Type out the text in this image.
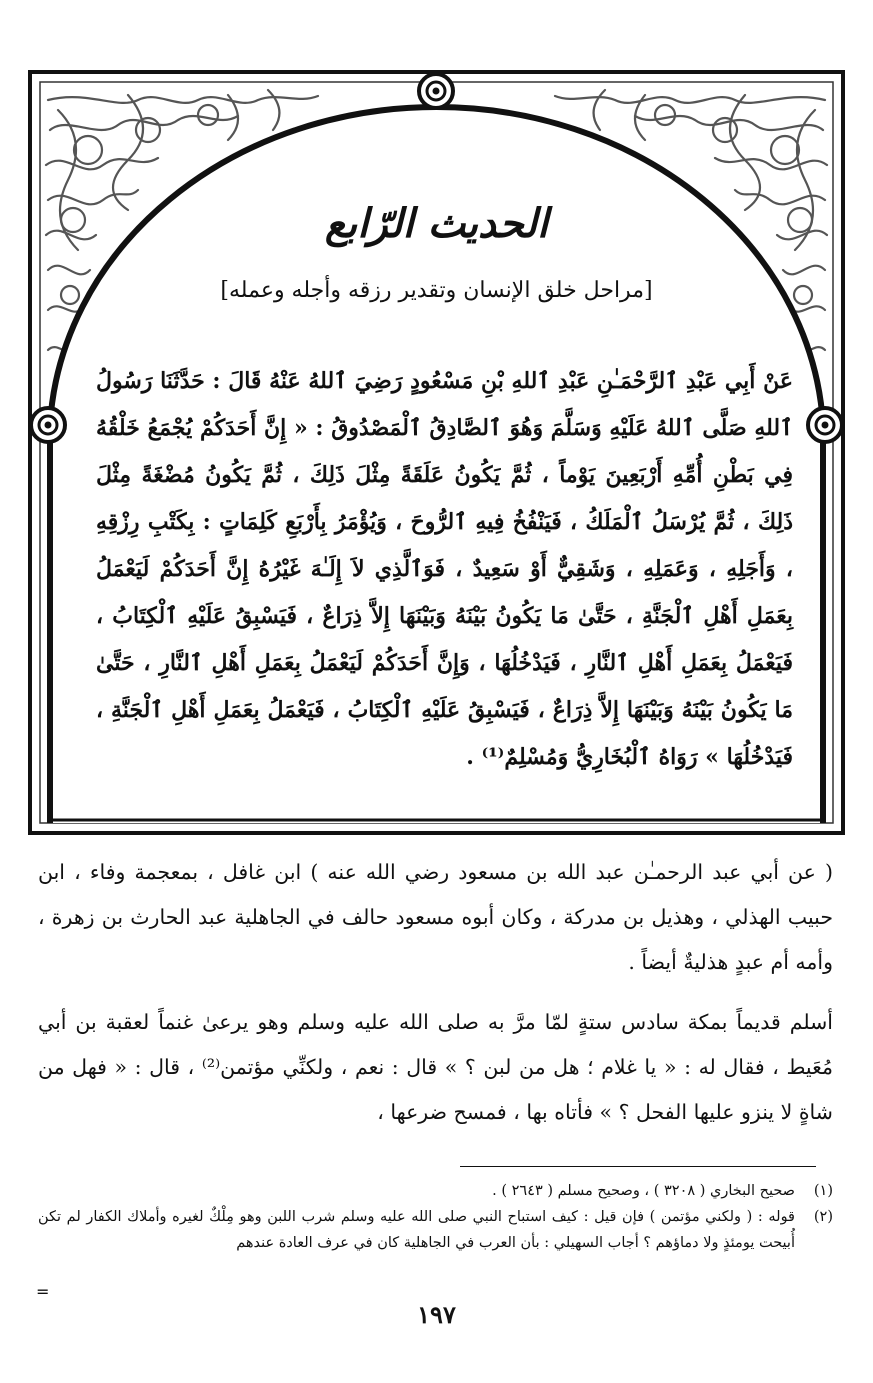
الحديث الرّابع

[مراحل خلق الإنسان وتقدير رزقه وأجله وعمله]

عَنْ أَبِي عَبْدِ ٱلرَّحْمَـٰنِ عَبْدِ ٱللهِ بْنِ مَسْعُودٍ رَضِيَ ٱللهُ عَنْهُ قَالَ : حَدَّثَنَا رَسُولُ ٱللهِ صَلَّى ٱللهُ عَلَيْهِ وَسَلَّمَ وَهُوَ ٱلصَّادِقُ ٱلْمَصْدُوقُ : « إِنَّ أَحَدَكُمْ يُجْمَعُ خَلْقُهُ فِي بَطْنِ أُمِّهِ أَرْبَعِينَ يَوْماً ، ثُمَّ يَكُونُ عَلَقَةً مِثْلَ ذَلِكَ ، ثُمَّ يَكُونُ مُضْغَةً مِثْلَ ذَلِكَ ، ثُمَّ يُرْسَلُ ٱلْمَلَكُ ، فَيَنْفُخُ فِيهِ ٱلرُّوحَ ، وَيُؤْمَرُ بِأَرْبَعِ كَلِمَاتٍ : بِكَتْبِ رِزْقِهِ ، وَأَجَلِهِ ، وَعَمَلِهِ ، وَشَقِيٌّ أَوْ سَعِيدٌ ، فَوَٱلَّذِي لاَ إِلَـٰهَ غَيْرُهُ إِنَّ أَحَدَكُمْ لَيَعْمَلُ بِعَمَلِ أَهْلِ ٱلْجَنَّةِ ، حَتَّىٰ مَا يَكُونُ بَيْنَهُ وَبَيْنَهَا إِلاَّ ذِرَاعٌ ، فَيَسْبِقُ عَلَيْهِ ٱلْكِتَابُ ، فَيَعْمَلُ بِعَمَلِ أَهْلِ ٱلنَّارِ ، فَيَدْخُلُهَا ، وَإِنَّ أَحَدَكُمْ لَيَعْمَلُ بِعَمَلِ أَهْلِ ٱلنَّارِ ، حَتَّىٰ مَا يَكُونُ بَيْنَهُ وَبَيْنَهَا إِلاَّ ذِرَاعٌ ، فَيَسْبِقُ عَلَيْهِ ٱلْكِتَابُ ، فَيَعْمَلُ بِعَمَلِ أَهْلِ ٱلْجَنَّةِ ، فَيَدْخُلُهَا » رَوَاهُ ٱلْبُخَارِيُّ وَمُسْلِمٌ⁽¹⁾ .

( عن أبي عبد الرحمـٰن عبد الله بن مسعود رضي الله عنه ) ابن غافل ، بمعجمة وفاء ، ابن حبيب الهذلي ، وهذيل بن مدركة ، وكان أبوه مسعود حالف في الجاهلية عبد الحارث بن زهرة ، وأمه أم عبدٍ هذليةٌ أيضاً .

أسلم قديماً بمكة سادس ستةٍ لمّا مرَّ به صلى الله عليه وسلم وهو يرعىٰ غنماً لعقبة بن أبي مُعَيط ، فقال له : « يا غلام ؛ هل من لبن ؟ » قال : نعم ، ولكنِّي مؤتمن⁽²⁾ ، قال : « فهل من شاةٍ لا ينزو عليها الفحل ؟ » فأتاه بها ، فمسح ضرعها ،

(١)
صحيح البخاري ( ٣٢٠٨ ) ، وصحيح مسلم ( ٢٦٤٣ ) .
(٢)
قوله : ( ولكني مؤتمن ) فإن قيل : كيف استباح النبي صلى الله عليه وسلم شرب اللبن وهو مِلْكٌ لغيره وأملاك الكفار لم تكن أُبيحت يومئذٍ ولا دماؤهم ؟ أجاب السهيلي : بأن العرب في الجاهلية كان في عرف العادة عندهم

=

١٩٧
